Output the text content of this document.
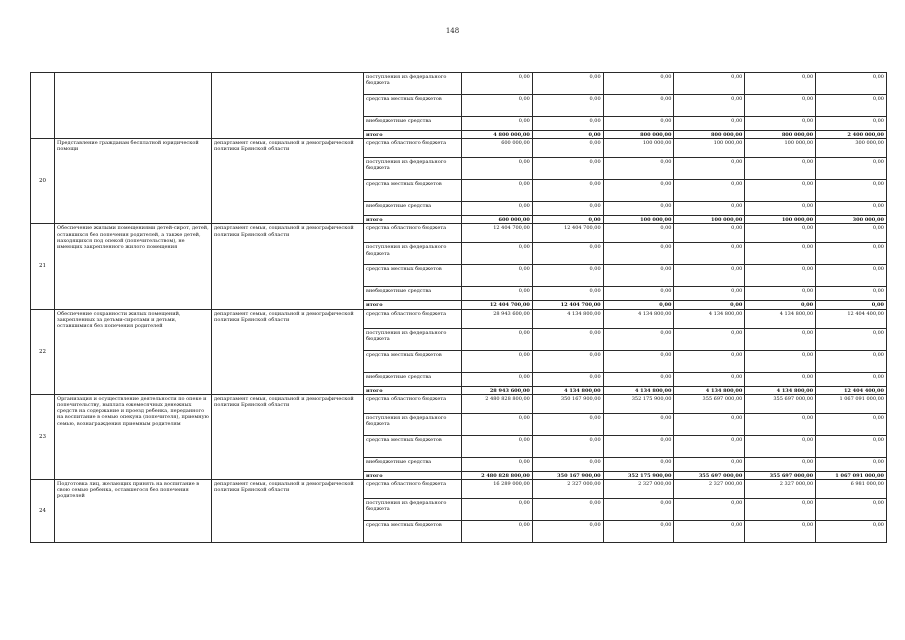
148
			поступления из федерального бюджета	0,00	0,00	0,00	0,00	0,00	0,00
			средства местных бюджетов	0,00	0,00	0,00	0,00	0,00	0,00
			внебюджетные средства	0,00	0,00	0,00	0,00	0,00	0,00
			итого	4 800 000,00	0,00	800 000,00	800 000,00	800 000,00	2 400 000,00
20	Представление гражданам бесплатной юридической помощи	департамент семьи, социальной и демографической политики Брянской области	средства областного бюджета	600 000,00	0,00	100 000,00	100 000,00	100 000,00	300 000,00
			поступления из федерального бюджета	0,00	0,00	0,00	0,00	0,00	0,00
			средства местных бюджетов	0,00	0,00	0,00	0,00	0,00	0,00
			внебюджетные средства	0,00	0,00	0,00	0,00	0,00	0,00
			итого	600 000,00	0,00	100 000,00	100 000,00	100 000,00	300 000,00
21	Обеспечение жилыми помещениями детей-сирот, детей, оставшихся без попечения родителей, а также детей, находящихся под опекой (попечительством), не имеющих закрепленного жилого помещения	департамент семьи, социальной и демографической политики Брянской области	средства областного бюджета	12 404 700,00	12 404 700,00	0,00	0,00	0,00	0,00
			поступления из федерального бюджета	0,00	0,00	0,00	0,00	0,00	0,00
			средства местных бюджетов	0,00	0,00	0,00	0,00	0,00	0,00
			внебюджетные средства	0,00	0,00	0,00	0,00	0,00	0,00
			итого	12 404 700,00	12 404 700,00	0,00	0,00	0,00	0,00
22	Обеспечение сохранности жилых помещений, закрепленных за детьми-сиротами и детьми, оставшимися без попечения родителей	департамент семьи, социальной и демографической политики Брянской области	средства областного бюджета	28 943 600,00	4 134 800,00	4 134 800,00	4 134 800,00	4 134 800,00	12 404 400,00
			поступления из федерального бюджета	0,00	0,00	0,00	0,00	0,00	0,00
			средства местных бюджетов	0,00	0,00	0,00	0,00	0,00	0,00
			внебюджетные средства	0,00	0,00	0,00	0,00	0,00	0,00
			итого	28 943 600,00	4 134 800,00	4 134 800,00	4 134 800,00	4 134 800,00	12 404 400,00
23	Организация и осуществление деятельности по опеке и попечительству, выплата ежемесячных денежных средств на содержание и проезд ребенка, переданного на воспитание в семью опекуна (попечителя), приемную семью, вознаграждения приемным родителям	департамент семьи, социальной и демографической политики Брянской области	средства областного бюджета	2 480 828 800,00	350 167 900,00	352 175 900,00	355 697 000,00	355 697 000,00	1 067 091 000,00
			поступления из федерального бюджета	0,00	0,00	0,00	0,00	0,00	0,00
			средства местных бюджетов	0,00	0,00	0,00	0,00	0,00	0,00
			внебюджетные средства	0,00	0,00	0,00	0,00	0,00	0,00
			итого	2 480 828 800,00	350 167 900,00	352 175 900,00	355 697 000,00	355 697 000,00	1 067 091 000,00
24	Подготовка лиц, желающих принять на воспитание в свою семью ребенка, оставшегося без попечения родителей	департамент семьи, социальной и демографической политики Брянской области	средства областного бюджета	16 289 000,00	2 327 000,00	2 327 000,00	2 327 000,00	2 327 000,00	6 981 000,00
			поступления из федерального бюджета	0,00	0,00	0,00	0,00	0,00	0,00
			средства местных бюджетов	0,00	0,00	0,00	0,00	0,00	0,00
